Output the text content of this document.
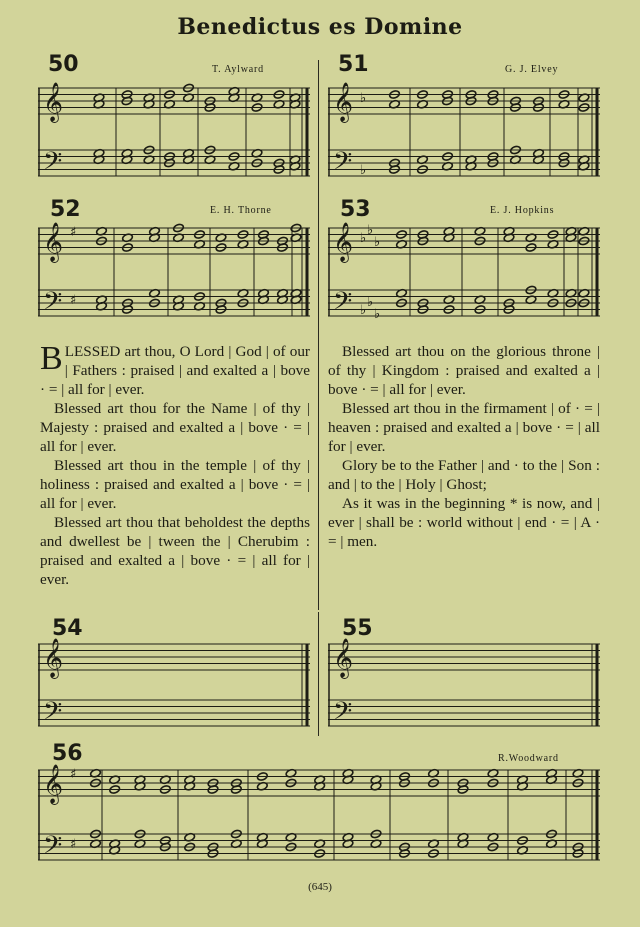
Benedictus es Domine
50	T. Aylward	51	G. J. Elvey
52	E. H. Thorne	53	E. J. Hopkins
54	55
56	R.Woodward
𝄞
𝄢
𝄞
𝄢
♭
♭
𝄞
𝄢
♯
♯
𝄞
𝄢
♭
♭
♭
♭
♭
♭
𝄞
𝄢
𝄞
𝄢
𝄞
𝄢
♯
♯

BLESSED art thou, O Lord | God | of our | Fathers : praised | and exalted a | bove · = | all for | ever.

Blessed art thou for the Name | of thy | Majesty : praised and exalted a | bove · = | all for | ever.

Blessed art thou in the temple | of thy | holiness : praised and exalted a | bove · = | all for | ever.

Blessed art thou that beholdest the depths and dwellest be | tween the | Cherubim : praised and exalted a | bove · = | all for | ever.

Blessed art thou on the glorious throne | of thy | Kingdom : praised and exalted a | bove · = | all for | ever.

Blessed art thou in the firmament | of · = | heaven : praised and exalted a | bove · = | all for | ever.

Glory be to the Father | and · to the | Son : and | to the | Holy | Ghost;

As it was in the beginning * is now, and | ever | shall be : world without | end · = | A · = | men.

(645)
